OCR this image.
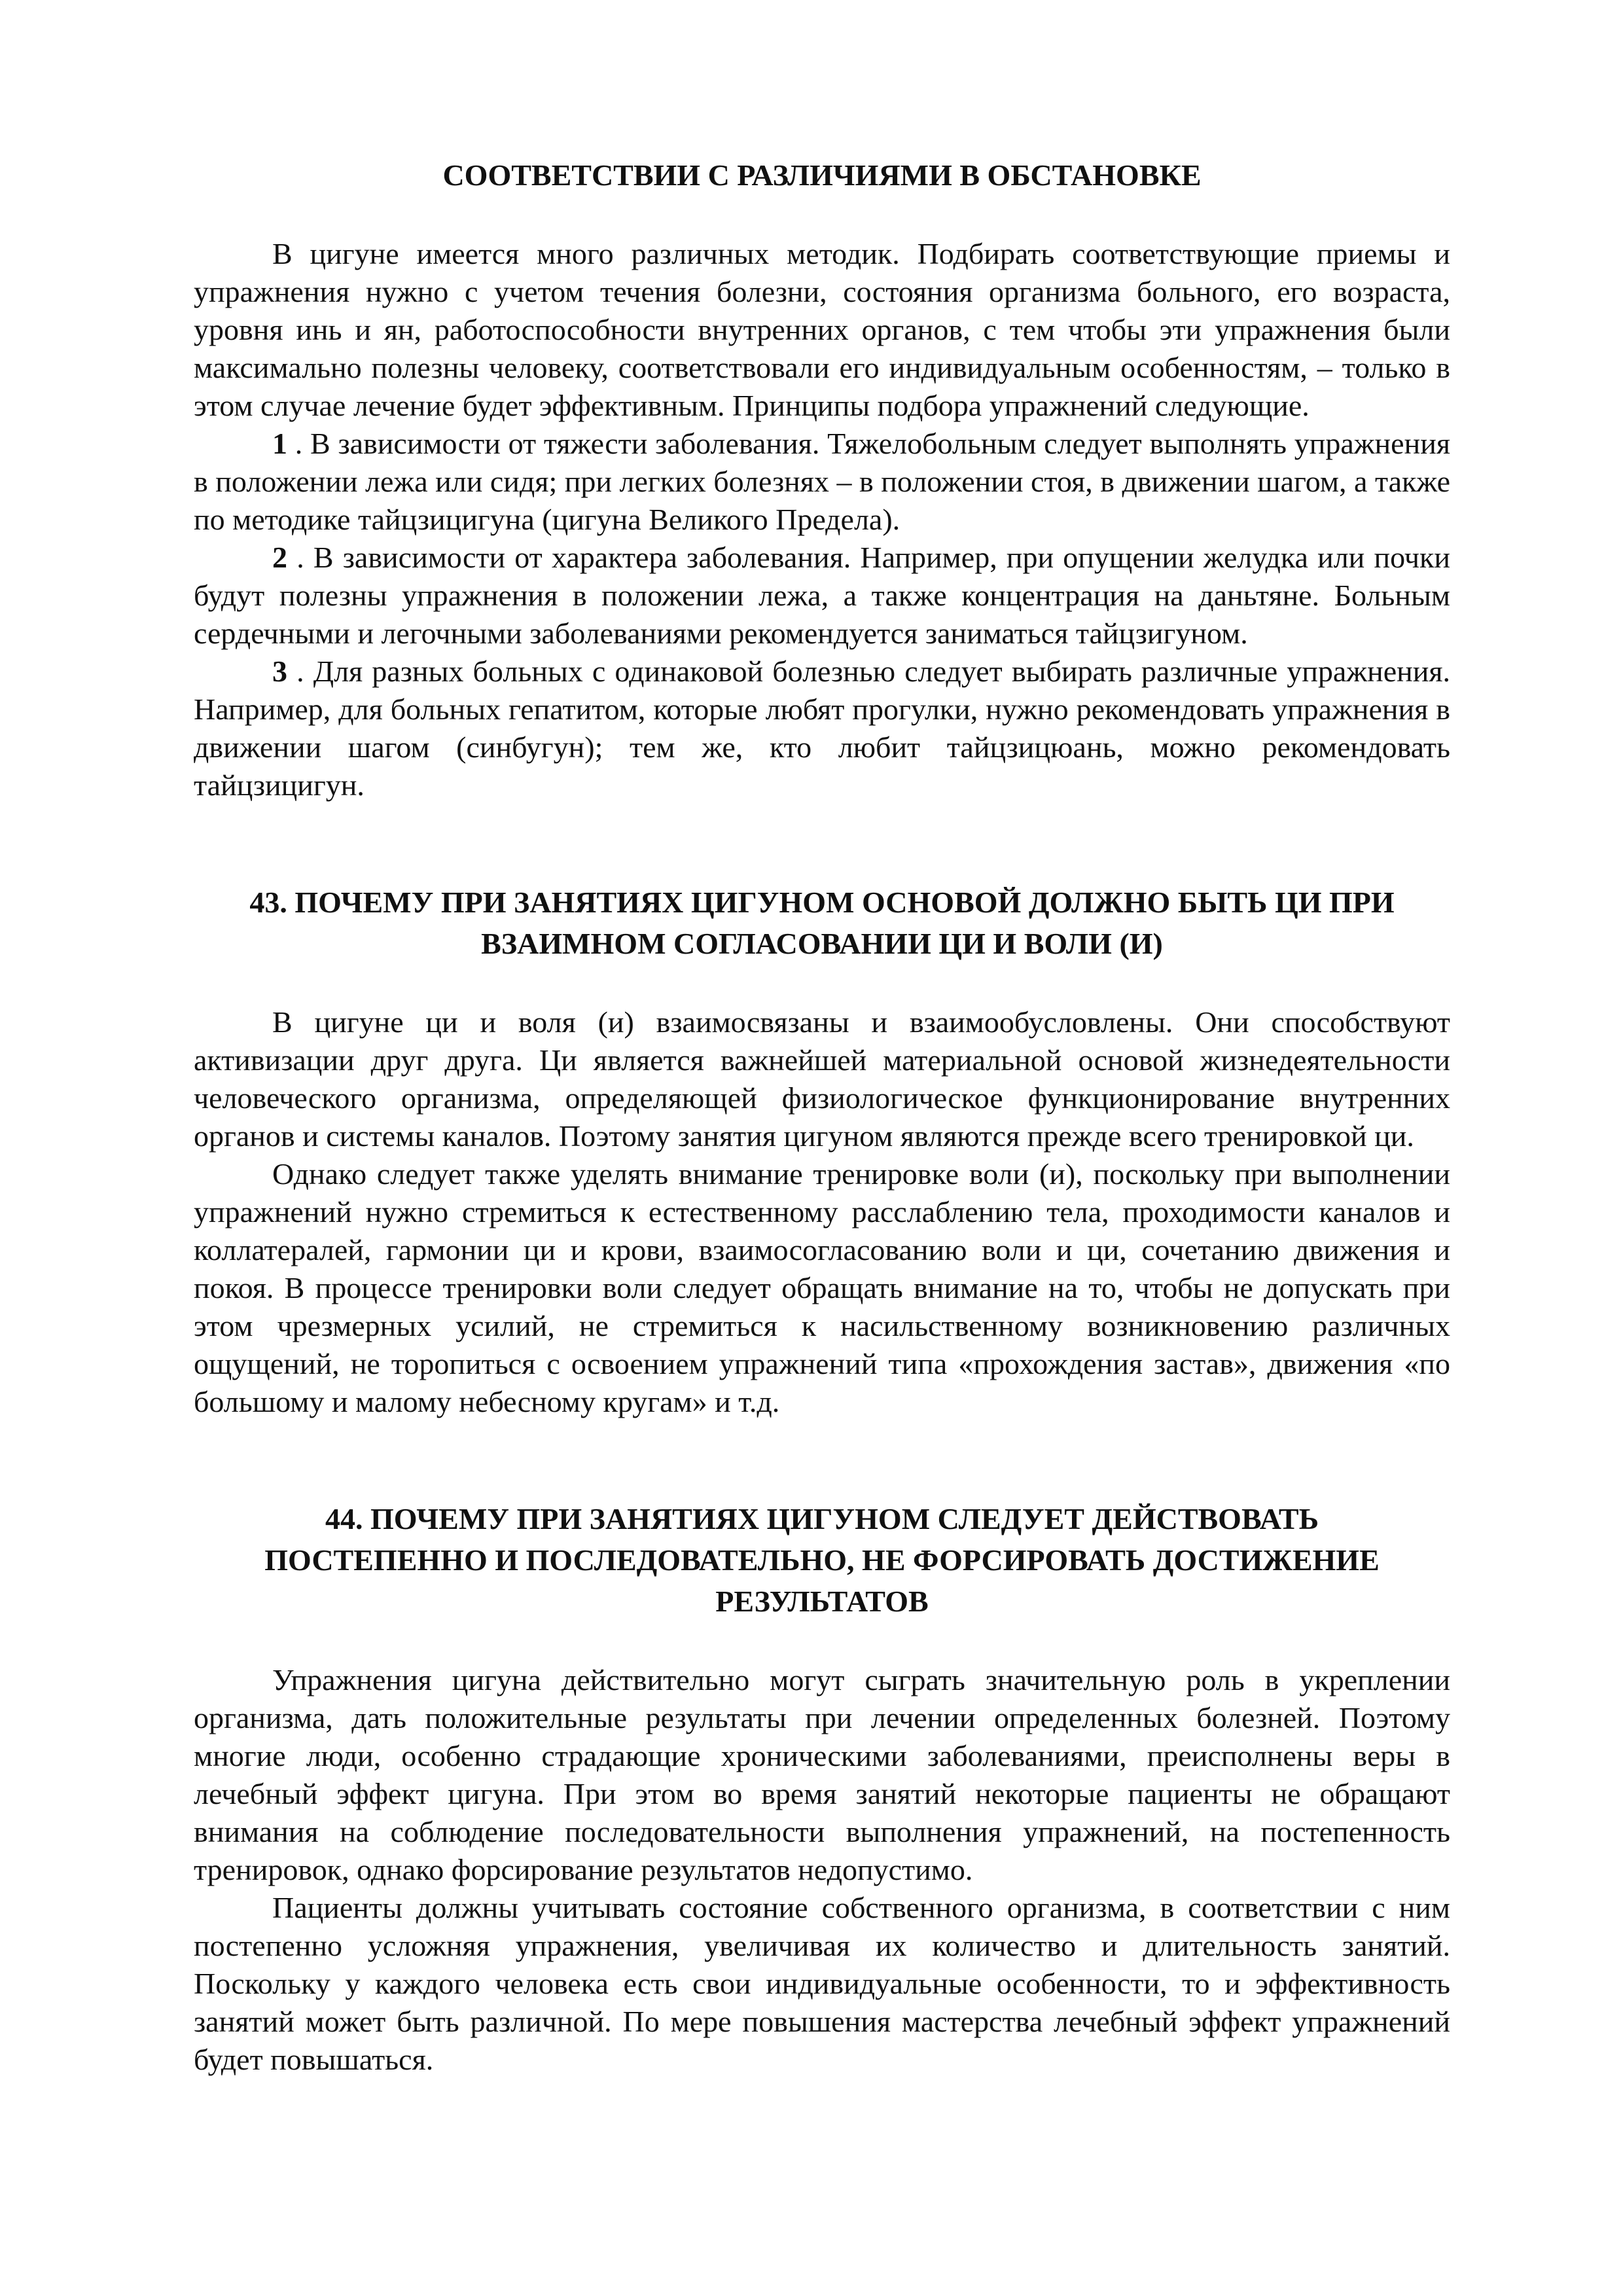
СООТВЕТСТВИИ С РАЗЛИЧИЯМИ В ОБСТАНОВКЕ

В цигуне имеется много различных методик. Подбирать соответствующие приемы и упражнения нужно с учетом течения болезни, состояния организма больного, его возраста, уровня инь и ян, работоспособности внутренних органов, с тем чтобы эти упражнения были максимально полезны человеку, соответствовали его индивидуальным особенностям, – только в этом случае лечение будет эффективным. Принципы подбора упражнений следующие.

1 . В зависимости от тяжести заболевания. Тяжелобольным следует выполнять упражнения в положении лежа или сидя; при легких болезнях – в положении стоя, в движении шагом, а также по методике тайцзицигуна (цигуна Великого Предела).

2 . В зависимости от характера заболевания. Например, при опущении желудка или почки будут полезны упражнения в положении лежа, а также концентрация на даньтяне. Больным сердечными и легочными заболеваниями рекомендуется заниматься тайцзигуном.

3 . Для разных больных с одинаковой болезнью следует выбирать различные упражнения. Например, для больных гепатитом, которые любят прогулки, нужно рекомендовать упражнения в движении шагом (синбугун); тем же, кто любит тайцзицюань, можно рекомендовать тайцзицигун.

43. ПОЧЕМУ ПРИ ЗАНЯТИЯХ ЦИГУНОМ ОСНОВОЙ ДОЛЖНО БЫТЬ ЦИ ПРИ
ВЗАИМНОМ СОГЛАСОВАНИИ ЦИ И ВОЛИ (И)

В цигуне ци и воля (и) взаимосвязаны и взаимообусловлены. Они способствуют активизации друг друга. Ци является важнейшей материальной основой жизнедеятельности человеческого организма, определяющей физиологическое функционирование внутренних органов и системы каналов. Поэтому занятия цигуном являются прежде всего тренировкой ци.

Однако следует также уделять внимание тренировке воли (и), поскольку при выполнении упражнений нужно стремиться к естественному расслаблению тела, проходимости каналов и коллатералей, гармонии ци и крови, взаимосогласованию воли и ци, сочетанию движения и покоя. В процессе тренировки воли следует обращать внимание на то, чтобы не допускать при этом чрезмерных усилий, не стремиться к насильственному возникновению различных ощущений, не торопиться с освоением упражнений типа «прохождения застав», движения «по большому и малому небесному кругам» и т.д.

44. ПОЧЕМУ ПРИ ЗАНЯТИЯХ ЦИГУНОМ СЛЕДУЕТ ДЕЙСТВОВАТЬ
ПОСТЕПЕННО И ПОСЛЕДОВАТЕЛЬНО, НЕ ФОРСИРОВАТЬ ДОСТИЖЕНИЕ
РЕЗУЛЬТАТОВ

Упражнения цигуна действительно могут сыграть значительную роль в укреплении организма, дать положительные результаты при лечении определенных болезней. Поэтому многие люди, особенно страдающие хроническими заболеваниями, преисполнены веры в лечебный эффект цигуна. При этом во время занятий некоторые пациенты не обращают внимания на соблюдение последовательности выполнения упражнений, на постепенность тренировок, однако форсирование результатов недопустимо.

Пациенты должны учитывать состояние собственного организма, в соответствии с ним постепенно усложняя упражнения, увеличивая их количество и длительность занятий. Поскольку у каждого человека есть свои индивидуальные особенности, то и эффективность занятий может быть различной. По мере повышения мастерства лечебный эффект упражнений будет повышаться.
